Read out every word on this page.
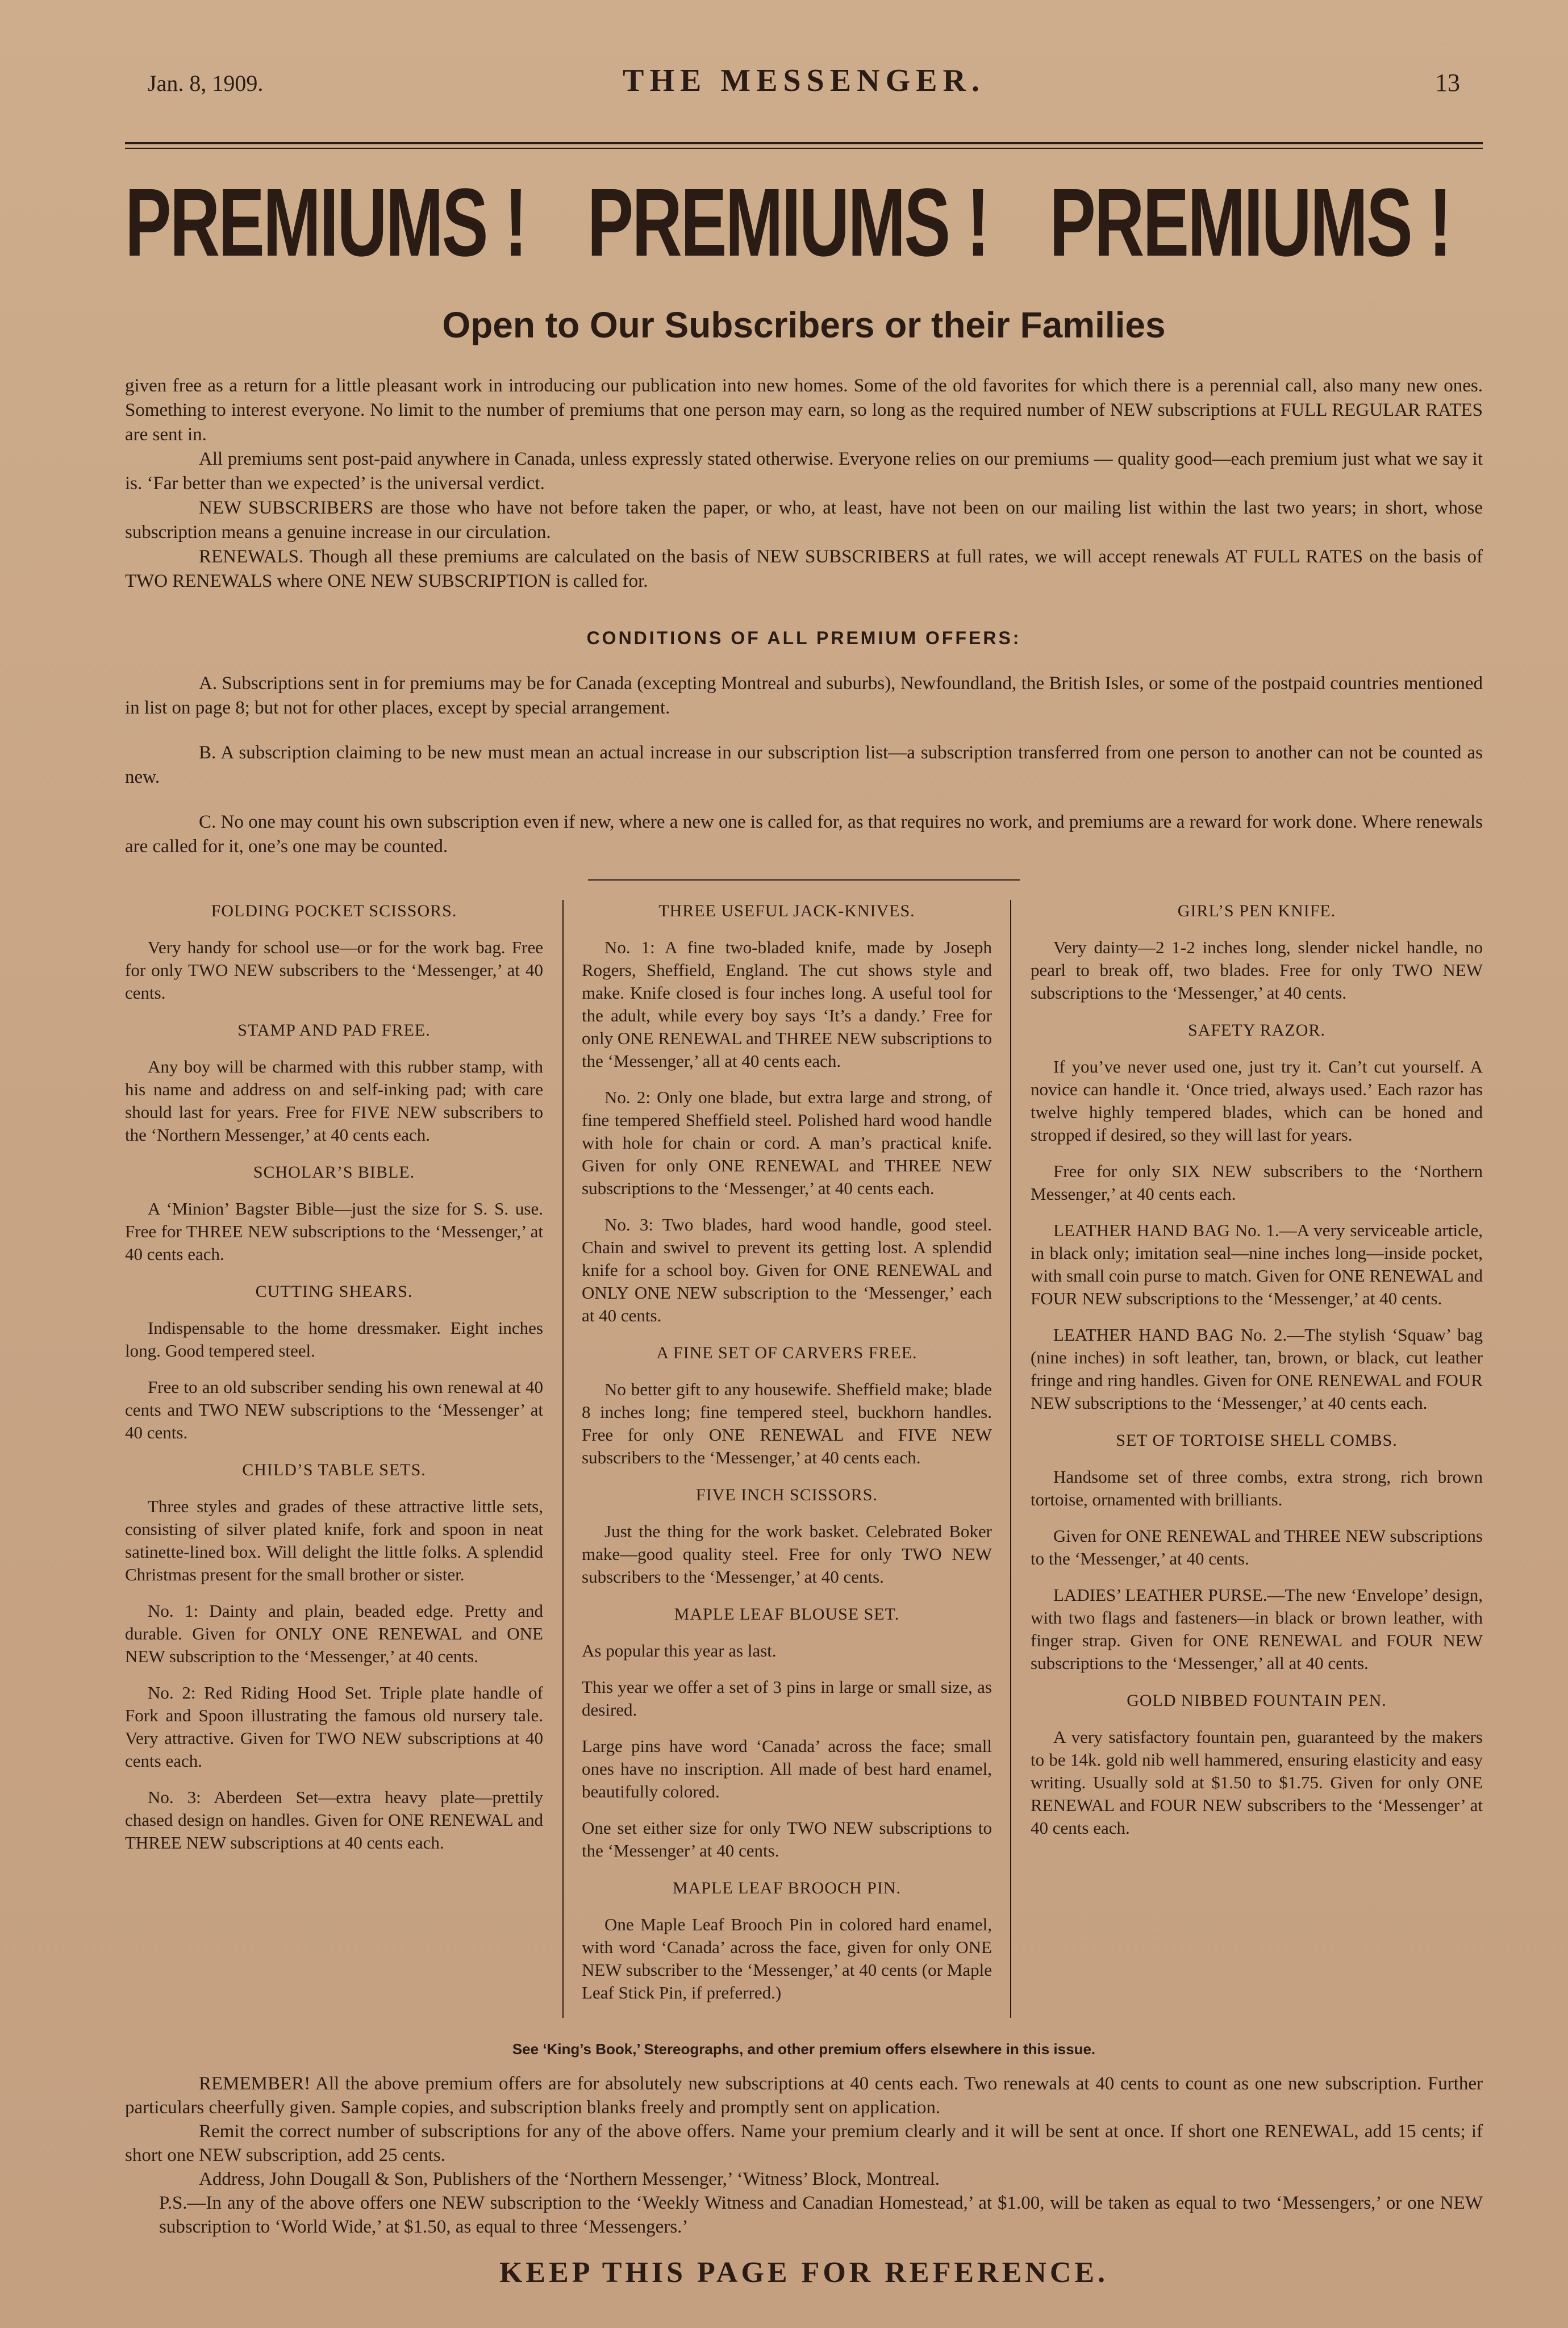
Jan. 8, 1909.	THE MESSENGER.	13
PREMIUMS ! PREMIUMS ! PREMIUMS !
Open to Our Subscribers or their Families

given free as a return for a little pleasant work in introducing our publication into new homes. Some of the old favorites for which there is a perennial call, also many new ones. Something to interest everyone. No limit to the number of premiums that one person may earn, so long as the required number of NEW subscriptions at FULL REGULAR RATES are sent in.

All premiums sent post-paid anywhere in Canada, unless expressly stated otherwise. Everyone relies on our premiums — quality good—each premium just what we say it is. ‘Far better than we expected’ is the universal verdict.

NEW SUBSCRIBERS are those who have not before taken the paper, or who, at least, have not been on our mailing list within the last two years; in short, whose subscription means a genuine increase in our circulation.

RENEWALS. Though all these premiums are calculated on the basis of NEW SUBSCRIBERS at full rates, we will accept renewals AT FULL RATES on the basis of TWO RENEWALS where ONE NEW SUBSCRIPTION is called for.

CONDITIONS OF ALL PREMIUM OFFERS:

A. Subscriptions sent in for premiums may be for Canada (excepting Montreal and suburbs), Newfoundland, the British Isles, or some of the postpaid countries mentioned in list on page 8; but not for other places, except by special arrangement.

B. A subscription claiming to be new must mean an actual increase in our subscription list—a subscription transferred from one person to another can not be counted as new.

C. No one may count his own subscription even if new, where a new one is called for, as that requires no work, and premiums are a reward for work done. Where renewals are called for it, one’s one may be counted.

FOLDING POCKET SCISSORS.

Very handy for school use—or for the work bag. Free for only TWO NEW subscribers to the ‘Messenger,’ at 40 cents.

STAMP AND PAD FREE.

Any boy will be charmed with this rubber stamp, with his name and address on and self-inking pad; with care should last for years. Free for FIVE NEW subscribers to the ‘Northern Messenger,’ at 40 cents each.

SCHOLAR’S BIBLE.

A ‘Minion’ Bagster Bible—just the size for S. S. use. Free for THREE NEW subscriptions to the ‘Messenger,’ at 40 cents each.

CUTTING SHEARS.

Indispensable to the home dressmaker. Eight inches long. Good tempered steel.

Free to an old subscriber sending his own renewal at 40 cents and TWO NEW subscriptions to the ‘Messenger’ at 40 cents.

CHILD’S TABLE SETS.

Three styles and grades of these attractive little sets, consisting of silver plated knife, fork and spoon in neat satinette-lined box. Will delight the little folks. A splendid Christmas present for the small brother or sister.

No. 1: Dainty and plain, beaded edge. Pretty and durable. Given for ONLY ONE RENEWAL and ONE NEW subscription to the ‘Messenger,’ at 40 cents.

No. 2: Red Riding Hood Set. Triple plate handle of Fork and Spoon illustrating the famous old nursery tale. Very attractive. Given for TWO NEW subscriptions at 40 cents each.

No. 3: Aberdeen Set—extra heavy plate—prettily chased design on handles. Given for ONE RENEWAL and THREE NEW subscriptions at 40 cents each.

THREE USEFUL JACK-KNIVES.

No. 1: A fine two-bladed knife, made by Joseph Rogers, Sheffield, England. The cut shows style and make. Knife closed is four inches long. A useful tool for the adult, while every boy says ‘It’s a dandy.’ Free for only ONE RENEWAL and THREE NEW subscriptions to the ‘Messenger,’ all at 40 cents each.

No. 2: Only one blade, but extra large and strong, of fine tempered Sheffield steel. Polished hard wood handle with hole for chain or cord. A man’s practical knife. Given for only ONE RENEWAL and THREE NEW subscriptions to the ‘Messenger,’ at 40 cents each.

No. 3: Two blades, hard wood handle, good steel. Chain and swivel to prevent its getting lost. A splendid knife for a school boy. Given for ONE RENEWAL and ONLY ONE NEW subscription to the ‘Messenger,’ each at 40 cents.

A FINE SET OF CARVERS FREE.

No better gift to any housewife. Sheffield make; blade 8 inches long; fine tempered steel, buckhorn handles. Free for only ONE RENEWAL and FIVE NEW subscribers to the ‘Messenger,’ at 40 cents each.

FIVE INCH SCISSORS.

Just the thing for the work basket. Celebrated Boker make—good quality steel. Free for only TWO NEW subscribers to the ‘Messenger,’ at 40 cents.

MAPLE LEAF BLOUSE SET.

As popular this year as last.

This year we offer a set of 3 pins in large or small size, as desired.

Large pins have word ‘Canada’ across the face; small ones have no inscription. All made of best hard enamel, beautifully colored.

One set either size for only TWO NEW subscriptions to the ‘Messenger’ at 40 cents.

MAPLE LEAF BROOCH PIN.

One Maple Leaf Brooch Pin in colored hard enamel, with word ‘Canada’ across the face, given for only ONE NEW subscriber to the ‘Messenger,’ at 40 cents (or Maple Leaf Stick Pin, if preferred.)

GIRL’S PEN KNIFE.

Very dainty—2 1-2 inches long, slender nickel handle, no pearl to break off, two blades. Free for only TWO NEW subscriptions to the ‘Messenger,’ at 40 cents.

SAFETY RAZOR.

If you’ve never used one, just try it. Can’t cut yourself. A novice can handle it. ‘Once tried, always used.’ Each razor has twelve highly tempered blades, which can be honed and stropped if desired, so they will last for years.

Free for only SIX NEW subscribers to the ‘Northern Messenger,’ at 40 cents each.

LEATHER HAND BAG No. 1.—A very serviceable article, in black only; imitation seal—nine inches long—inside pocket, with small coin purse to match. Given for ONE RENEWAL and FOUR NEW subscriptions to the ‘Messenger,’ at 40 cents.

LEATHER HAND BAG No. 2.—The stylish ‘Squaw’ bag (nine inches) in soft leather, tan, brown, or black, cut leather fringe and ring handles. Given for ONE RENEWAL and FOUR NEW subscriptions to the ‘Messenger,’ at 40 cents each.

SET OF TORTOISE SHELL COMBS.

Handsome set of three combs, extra strong, rich brown tortoise, ornamented with brilliants.

Given for ONE RENEWAL and THREE NEW subscriptions to the ‘Messenger,’ at 40 cents.

LADIES’ LEATHER PURSE.—The new ‘Envelope’ design, with two flags and fasteners—in black or brown leather, with finger strap. Given for ONE RENEWAL and FOUR NEW subscriptions to the ‘Messenger,’ all at 40 cents.

GOLD NIBBED FOUNTAIN PEN.

A very satisfactory fountain pen, guaranteed by the makers to be 14k. gold nib well hammered, ensuring elasticity and easy writing. Usually sold at $1.50 to $1.75. Given for only ONE RENEWAL and FOUR NEW subscribers to the ‘Messenger’ at 40 cents each.

See ‘King’s Book,’ Stereographs, and other premium offers elsewhere in this issue.

REMEMBER! All the above premium offers are for absolutely new subscriptions at 40 cents each. Two renewals at 40 cents to count as one new subscription. Further particulars cheerfully given. Sample copies, and subscription blanks freely and promptly sent on application.

Remit the correct number of subscriptions for any of the above offers. Name your premium clearly and it will be sent at once. If short one RENEWAL, add 15 cents; if short one NEW subscription, add 25 cents.

Address, John Dougall & Son, Publishers of the ‘Northern Messenger,’ ‘Witness’ Block, Montreal.

P.S.—In any of the above offers one NEW subscription to the ‘Weekly Witness and Canadian Homestead,’ at $1.00, will be taken as equal to two ‘Messengers,’ or one NEW subscription to ‘World Wide,’ at $1.50, as equal to three ‘Messengers.’

KEEP THIS PAGE FOR REFERENCE.
